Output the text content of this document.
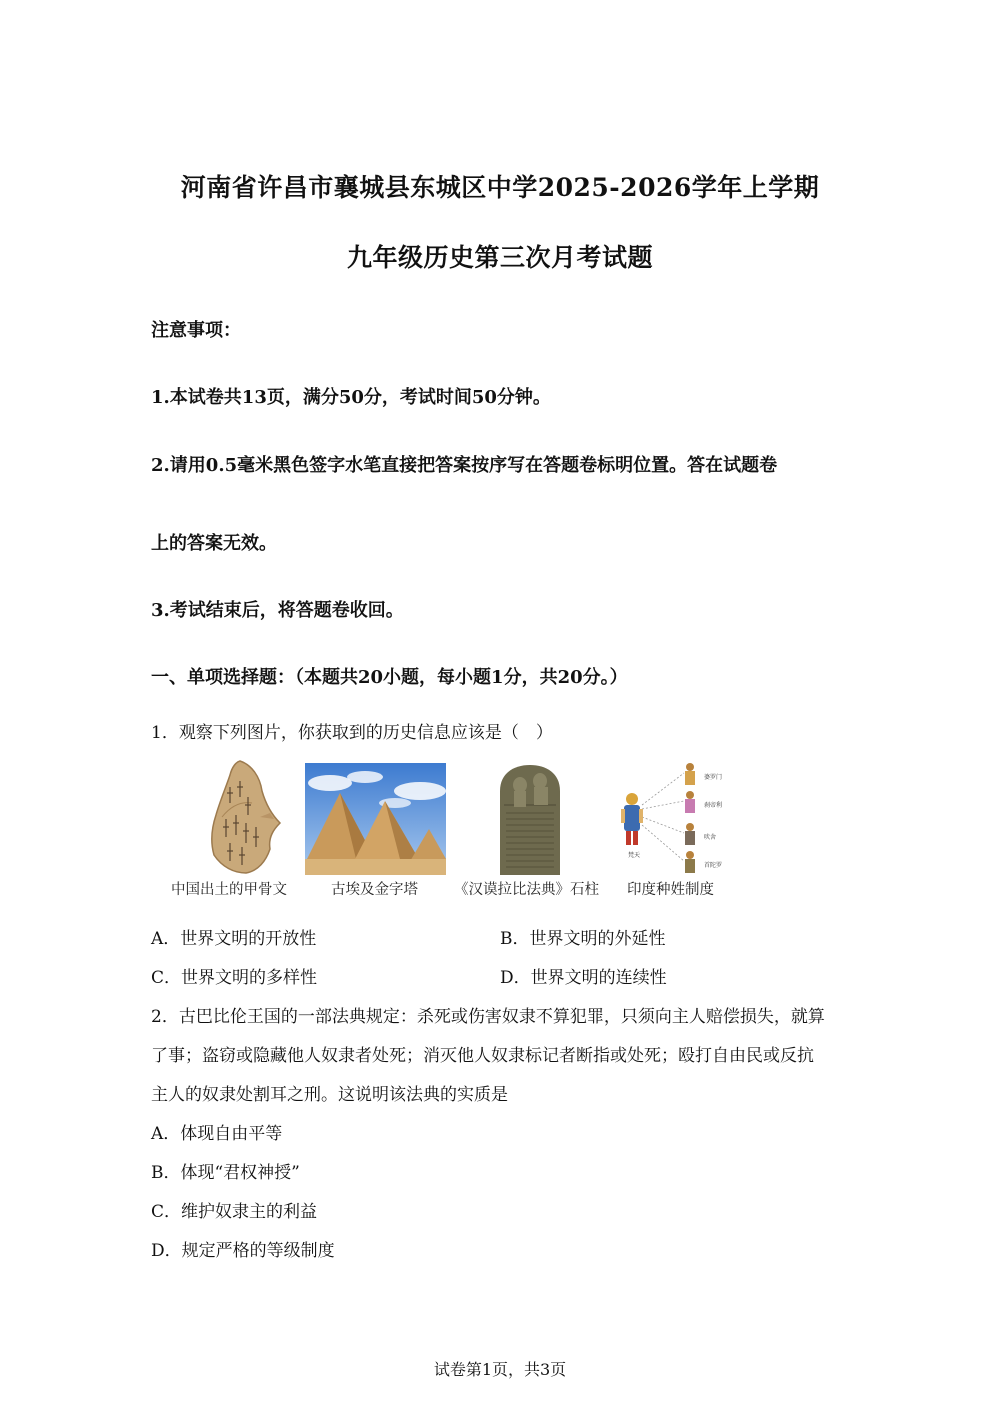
河南省许昌市襄城县东城区中学2025-2026学年上学期
九年级历史第三次月考试题
注意事项：
1.本试卷共13页，满分50分，考试时间50分钟。
2.请用0.5毫米黑色签字水笔直接把答案按序写在答题卷标明位置。答在试题卷
上的答案无效。
3.考试结束后，将答题卷收回。
一、单项选择题：（本题共20小题，每小题1分，共20分。）
1．观察下列图片，你获取到的历史信息应该是（　）
婆罗门
刹帝利
吠舍
首陀罗
梵天
中国出土的甲骨文	古埃及金字塔 《汉谟拉比法典》石柱 印度种姓制度
A．世界文明的开放性	B．世界文明的外延性
C．世界文明的多样性	D．世界文明的连续性
2．古巴比伦王国的一部法典规定：杀死或伤害奴隶不算犯罪，只须向主人赔偿损失，就算
了事；盗窃或隐藏他人奴隶者处死；消灭他人奴隶标记者断指或处死；殴打自由民或反抗
主人的奴隶处割耳之刑。这说明该法典的实质是
A．体现自由平等
B．体现“君权神授”
C．维护奴隶主的利益
D．规定严格的等级制度
试卷第1页，共3页
